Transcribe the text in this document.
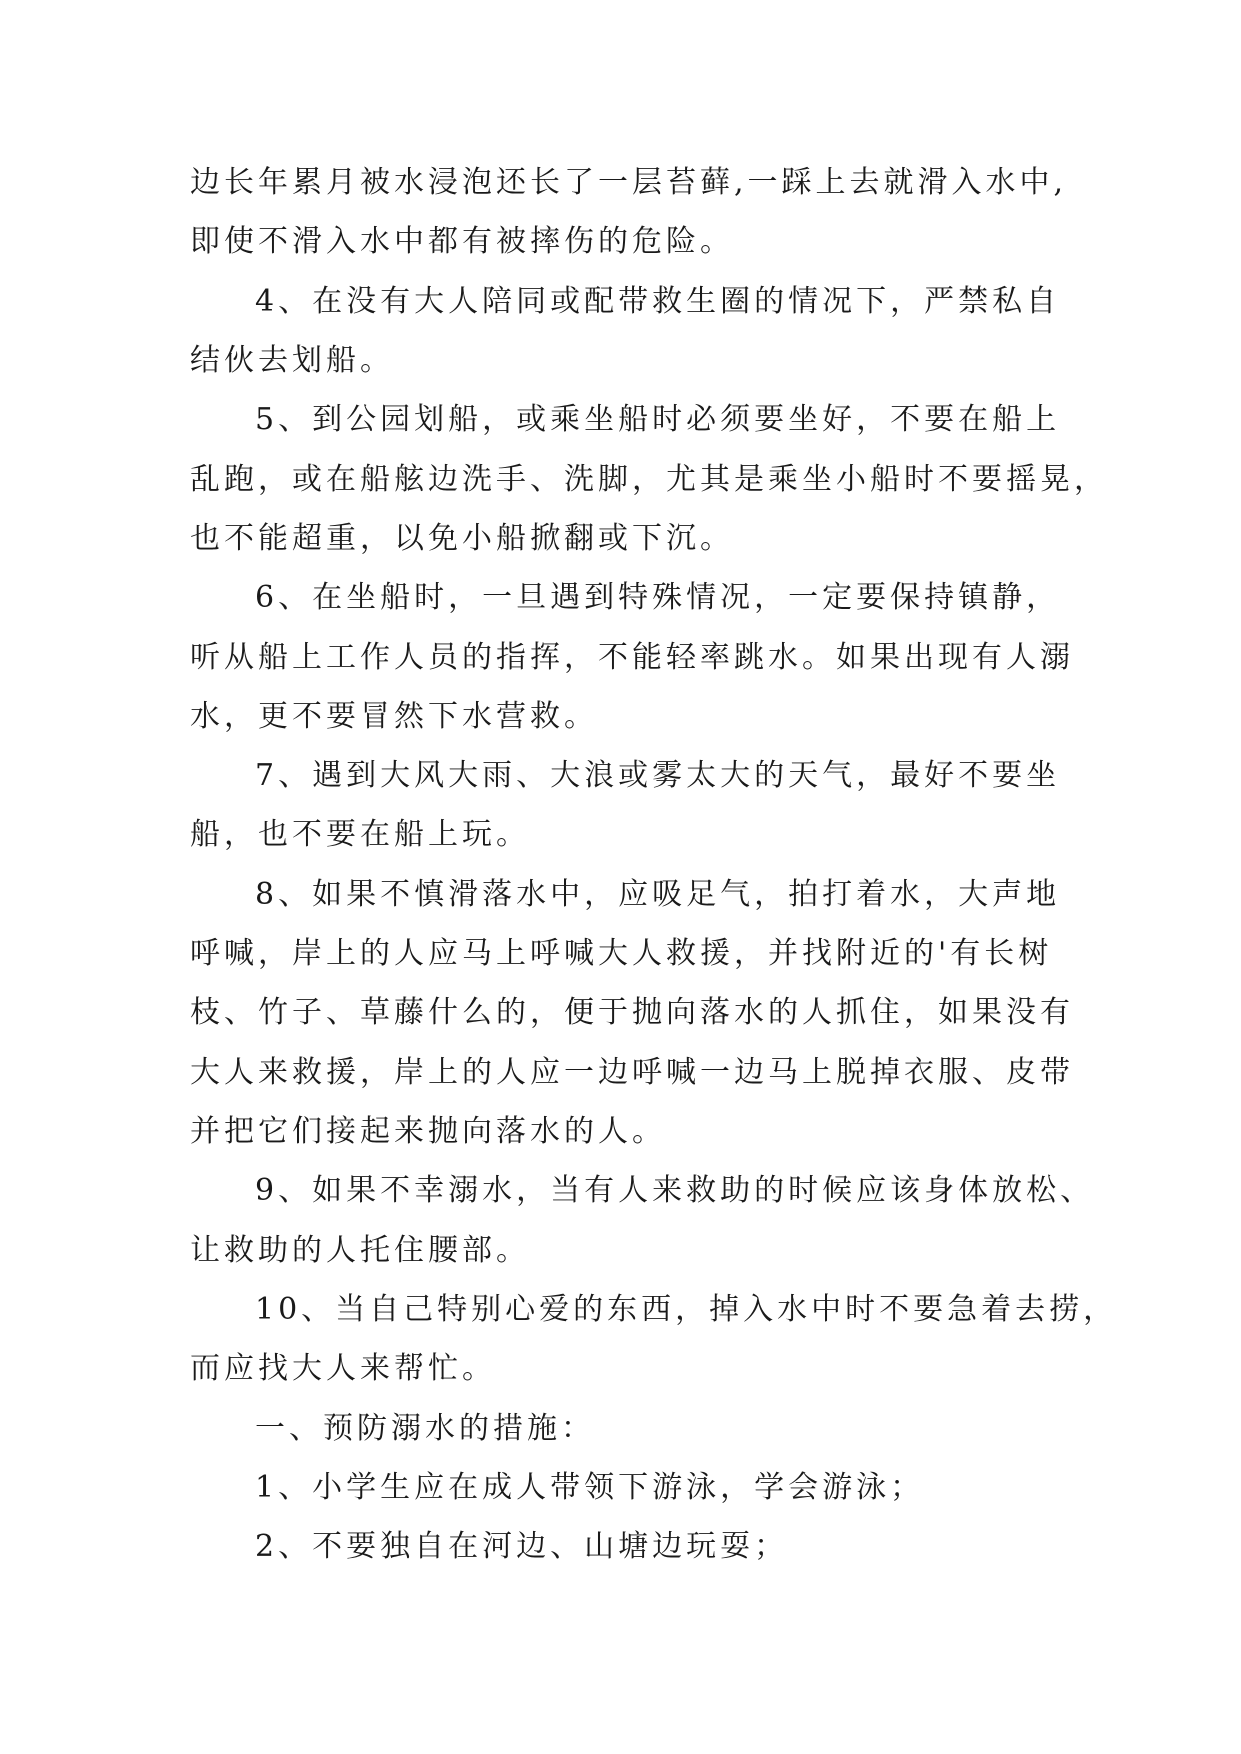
边长年累月被水浸泡还长了一层苔藓,一踩上去就滑入水中,

即使不滑入水中都有被摔伤的危险。

4、在没有大人陪同或配带救生圈的情况下，严禁私自

结伙去划船。

5、到公园划船，或乘坐船时必须要坐好，不要在船上

乱跑，或在船舷边洗手、洗脚，尤其是乘坐小船时不要摇晃，

也不能超重，以免小船掀翻或下沉。

6、在坐船时，一旦遇到特殊情况，一定要保持镇静，

听从船上工作人员的指挥，不能轻率跳水。如果出现有人溺

水，更不要冒然下水营救。

7、遇到大风大雨、大浪或雾太大的天气，最好不要坐

船，也不要在船上玩。

8、如果不慎滑落水中，应吸足气，拍打着水，大声地

呼喊，岸上的人应马上呼喊大人救援，并找附近的'有长树

枝、竹子、草藤什么的，便于抛向落水的人抓住，如果没有

大人来救援，岸上的人应一边呼喊一边马上脱掉衣服、皮带

并把它们接起来抛向落水的人。

9、如果不幸溺水，当有人来救助的时候应该身体放松、

让救助的人托住腰部。

10、当自己特别心爱的东西，掉入水中时不要急着去捞，

而应找大人来帮忙。

一、预防溺水的措施：

1、小学生应在成人带领下游泳，学会游泳；

2、不要独自在河边、山塘边玩耍；
